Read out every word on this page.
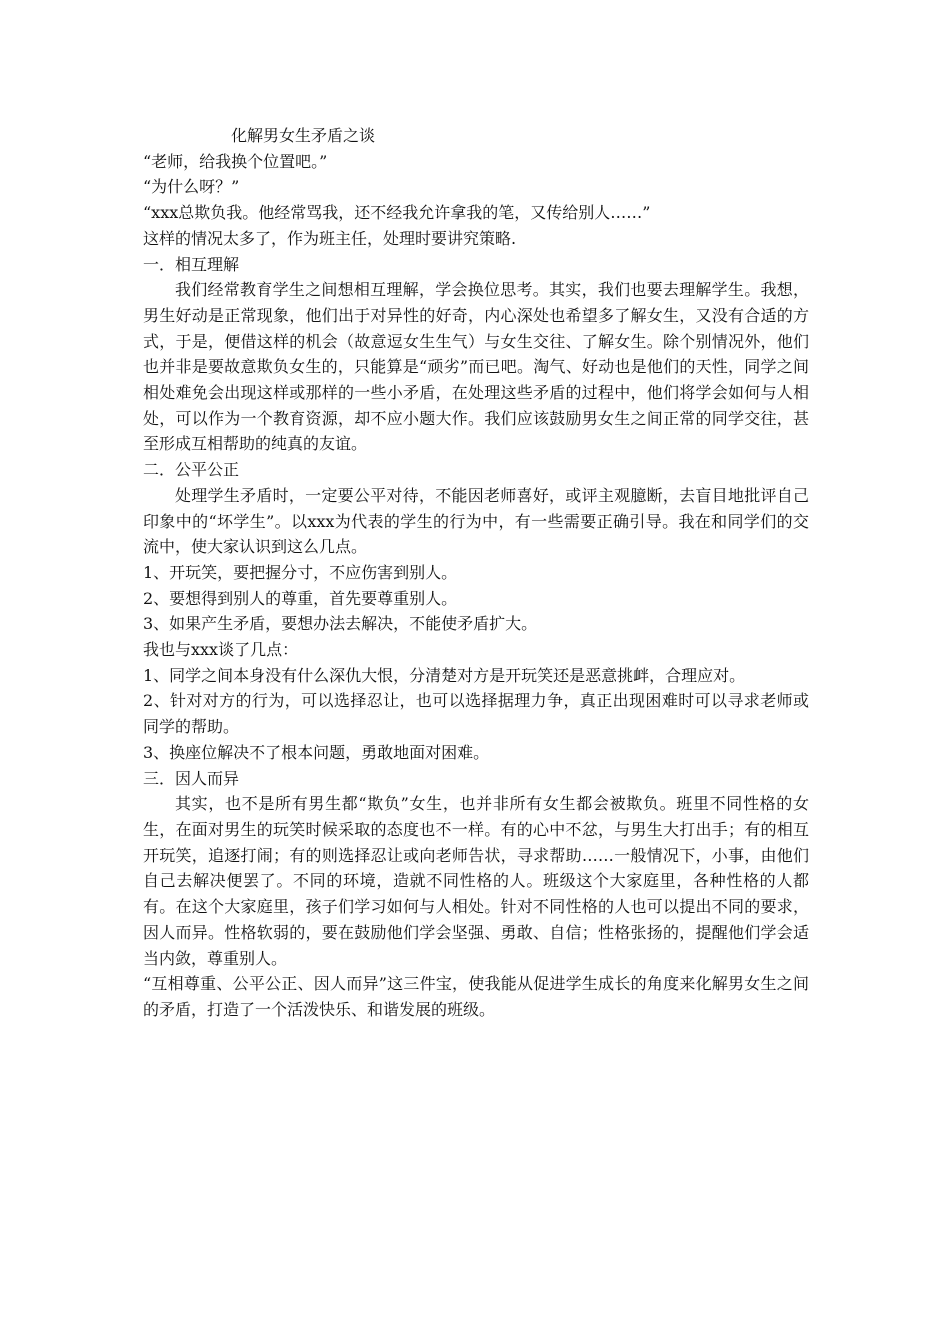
化解男女生矛盾之谈

“老师，给我换个位置吧。”

“为什么呀？”

“xxx总欺负我。他经常骂我，还不经我允许拿我的笔，又传给别人……”

这样的情况太多了，作为班主任，处理时要讲究策略.

一．相互理解

我们经常教育学生之间想相互理解，学会换位思考。其实，我们也要去理解学生。我想，男生好动是正常现象，他们出于对异性的好奇，内心深处也希望多了解女生，又没有合适的方式，于是，便借这样的机会（故意逗女生生气）与女生交往、了解女生。除个别情况外，他们也并非是要故意欺负女生的，只能算是“顽劣”而已吧。淘气、好动也是他们的天性，同学之间相处难免会出现这样或那样的一些小矛盾，在处理这些矛盾的过程中，他们将学会如何与人相处，可以作为一个教育资源，却不应小题大作。我们应该鼓励男女生之间正常的同学交往，甚至形成互相帮助的纯真的友谊。

二．公平公正

处理学生矛盾时，一定要公平对待，不能因老师喜好，或评主观臆断，去盲目地批评自己印象中的“坏学生”。以xxx为代表的学生的行为中，有一些需要正确引导。我在和同学们的交流中，使大家认识到这么几点。

1、开玩笑，要把握分寸，不应伤害到别人。

2、要想得到别人的尊重，首先要尊重别人。

3、如果产生矛盾，要想办法去解决，不能使矛盾扩大。

我也与xxx谈了几点：

1、同学之间本身没有什么深仇大恨，分清楚对方是开玩笑还是恶意挑衅，合理应对。

2、针对对方的行为，可以选择忍让，也可以选择据理力争，真正出现困难时可以寻求老师或同学的帮助。

3、换座位解决不了根本问题，勇敢地面对困难。

三．因人而异

其实，也不是所有男生都“欺负”女生，也并非所有女生都会被欺负。班里不同性格的女生，在面对男生的玩笑时候采取的态度也不一样。有的心中不忿，与男生大打出手；有的相互开玩笑，追逐打闹；有的则选择忍让或向老师告状，寻求帮助……一般情况下，小事，由他们自己去解决便罢了。不同的环境，造就不同性格的人。班级这个大家庭里，各种性格的人都有。在这个大家庭里，孩子们学习如何与人相处。针对不同性格的人也可以提出不同的要求，因人而异。性格软弱的，要在鼓励他们学会坚强、勇敢、自信；性格张扬的，提醒他们学会适当内敛，尊重别人。

“互相尊重、公平公正、因人而异”这三件宝，使我能从促进学生成长的角度来化解男女生之间的矛盾，打造了一个活泼快乐、和谐发展的班级。
